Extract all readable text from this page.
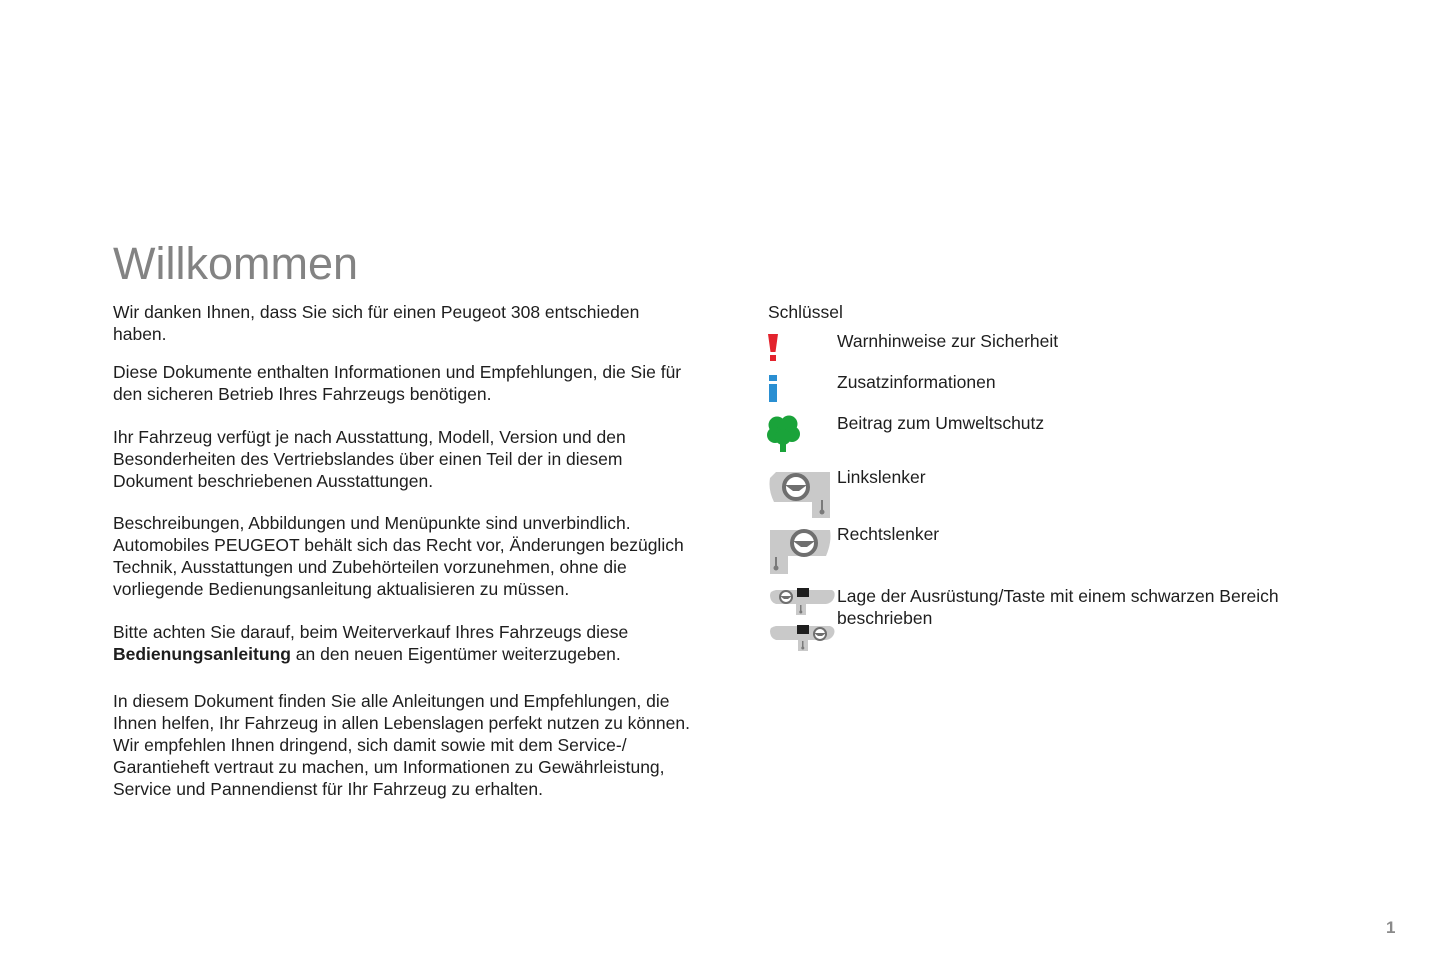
Willkommen
Wir danken Ihnen, dass Sie sich für einen Peugeot 308 entschieden
haben.
Diese Dokumente enthalten Informationen und Empfehlungen, die Sie für
den sicheren Betrieb Ihres Fahrzeugs benötigen.
Ihr Fahrzeug verfügt je nach Ausstattung, Modell, Version und den
Besonderheiten des Vertriebslandes über einen Teil der in diesem
Dokument beschriebenen Ausstattungen.
Beschreibungen, Abbildungen und Menüpunkte sind unverbindlich.
Automobiles PEUGEOT behält sich das Recht vor, Änderungen bezüglich
Technik, Ausstattungen und Zubehörteilen vorzunehmen, ohne die
vorliegende Bedienungsanleitung aktualisieren zu müssen.
Bitte achten Sie darauf, beim Weiterverkauf Ihres Fahrzeugs diese
Bedienungsanleitung an den neuen Eigentümer weiterzugeben.
In diesem Dokument finden Sie alle Anleitungen und Empfehlungen, die
Ihnen helfen, Ihr Fahrzeug in allen Lebenslagen perfekt nutzen zu können.
Wir empfehlen Ihnen dringend, sich damit sowie mit dem Service-/
Garantieheft vertraut zu machen, um Informationen zu Gewährleistung,
Service und Pannendienst für Ihr Fahrzeug zu erhalten.

Schlüssel

Warnhinweise zur Sicherheit

Zusatzinformationen

Beitrag zum Umweltschutz

Linkslenker

Rechtslenker

Lage der Ausrüstung/Taste mit einem schwarzen Bereich
beschrieben

1
